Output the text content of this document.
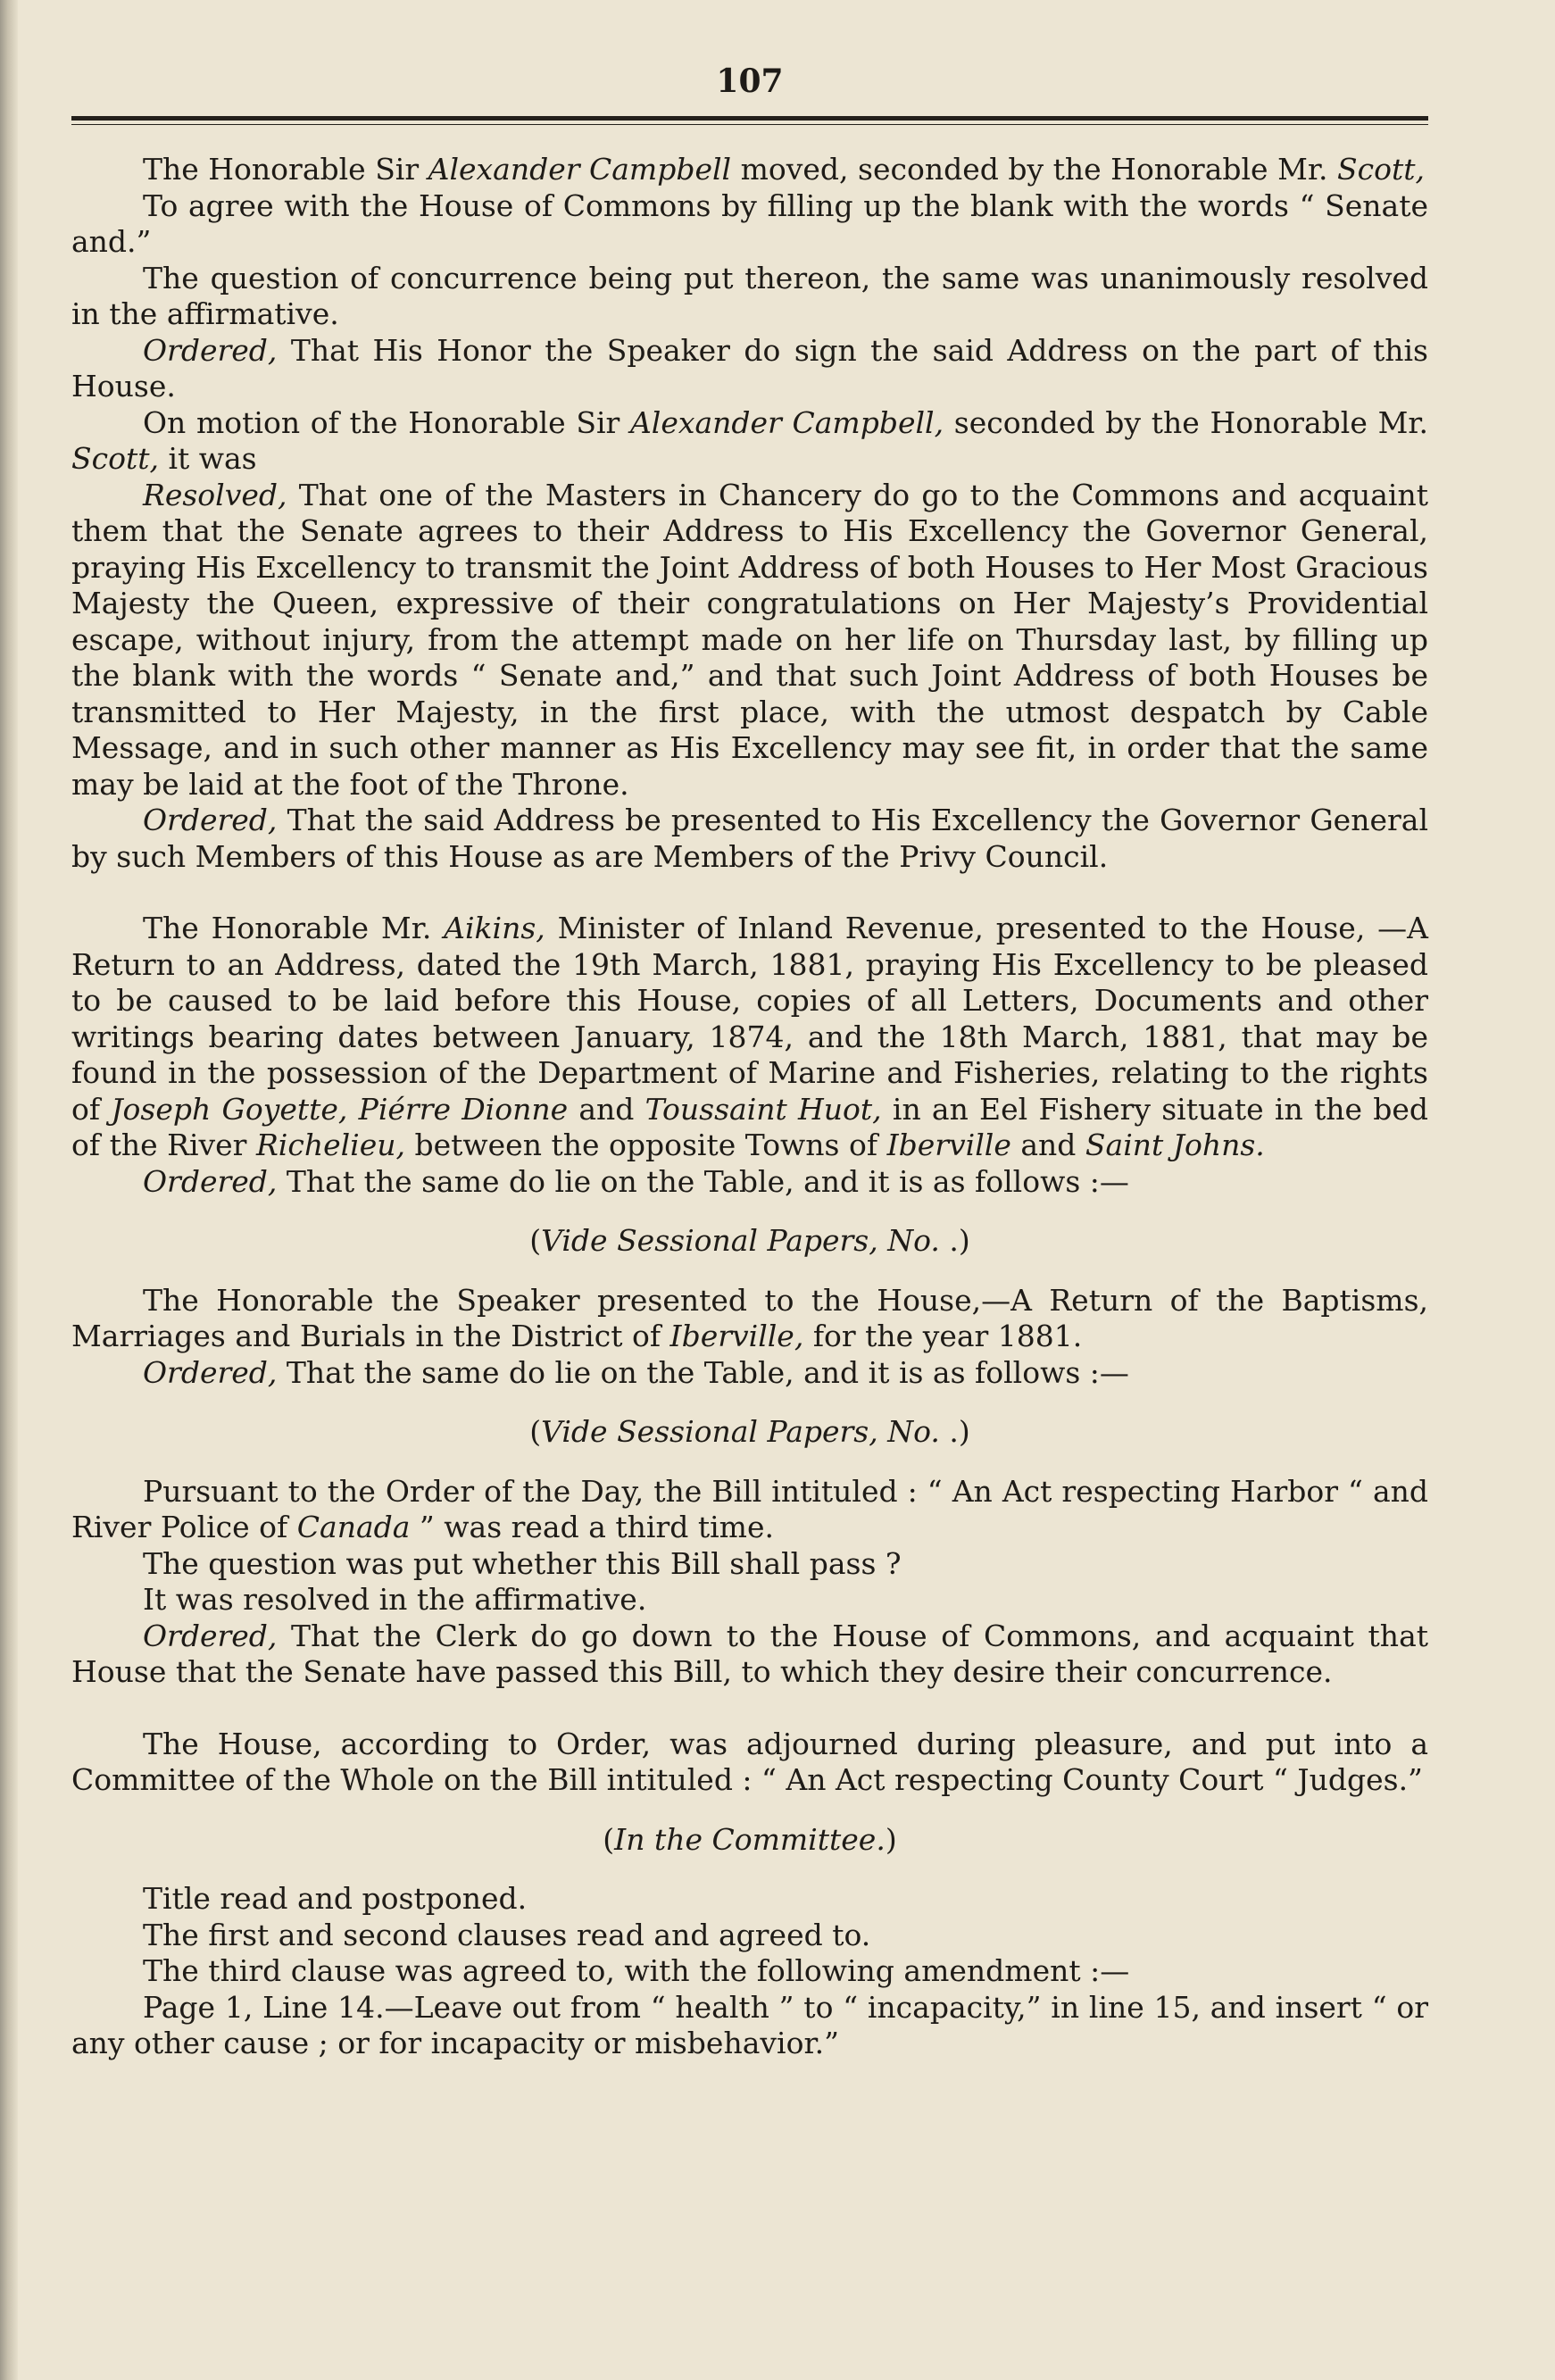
107

The Honorable Sir Alexander Campbell moved, seconded by the Honorable Mr. Scott,

To agree with the House of Commons by filling up the blank with the words “ Senate and.”

The question of concurrence being put thereon, the same was unanimously resolved in the affirmative.

Ordered, That His Honor the Speaker do sign the said Address on the part of this House.

On motion of the Honorable Sir Alexander Campbell, seconded by the Honorable Mr. Scott, it was

Resolved, That one of the Masters in Chancery do go to the Commons and acquaint them that the Senate agrees to their Address to His Excellency the Governor General, praying His Excellency to transmit the Joint Address of both Houses to Her Most Gracious Majesty the Queen, expressive of their congratulations on Her Majesty’s Providential escape, without injury, from the attempt made on her life on Thursday last, by filling up the blank with the words “ Senate and,” and that such Joint Address of both Houses be transmitted to Her Majesty, in the first place, with the utmost despatch by Cable Message, and in such other manner as His Excellency may see fit, in order that the same may be laid at the foot of the Throne.

Ordered, That the said Address be presented to His Excellency the Governor General by such Members of this House as are Members of the Privy Council.

The Honorable Mr. Aikins, Minister of Inland Revenue, presented to the House, —A Return to an Address, dated the 19th March, 1881, praying His Excellency to be pleased to be caused to be laid before this House, copies of all Letters, Documents and other writings bearing dates between January, 1874, and the 18th March, 1881, that may be found in the possession of the Department of Marine and Fisheries, relating to the rights of Joseph Goyette, Piérre Dionne and Toussaint Huot, in an Eel Fishery situate in the bed of the River Richelieu, between the opposite Towns of Iberville and Saint Johns.

Ordered, That the same do lie on the Table, and it is as follows :—

(Vide Sessional Papers, No. .)

The Honorable the Speaker presented to the House,—A Return of the Baptisms, Marriages and Burials in the District of Iberville, for the year 1881.

Ordered, That the same do lie on the Table, and it is as follows :—

(Vide Sessional Papers, No. .)

Pursuant to the Order of the Day, the Bill intituled : “ An Act respecting Harbor “ and River Police of Canada ” was read a third time.

The question was put whether this Bill shall pass ?

It was resolved in the affirmative.

Ordered, That the Clerk do go down to the House of Commons, and acquaint that House that the Senate have passed this Bill, to which they desire their concurrence.

The House, according to Order, was adjourned during pleasure, and put into a Committee of the Whole on the Bill intituled : “ An Act respecting County Court “ Judges.”

(In the Committee.)

Title read and postponed.

The first and second clauses read and agreed to.

The third clause was agreed to, with the following amendment :—

Page 1, Line 14.—Leave out from “ health ” to “ incapacity,” in line 15, and insert “ or any other cause ; or for incapacity or misbehavior.”
